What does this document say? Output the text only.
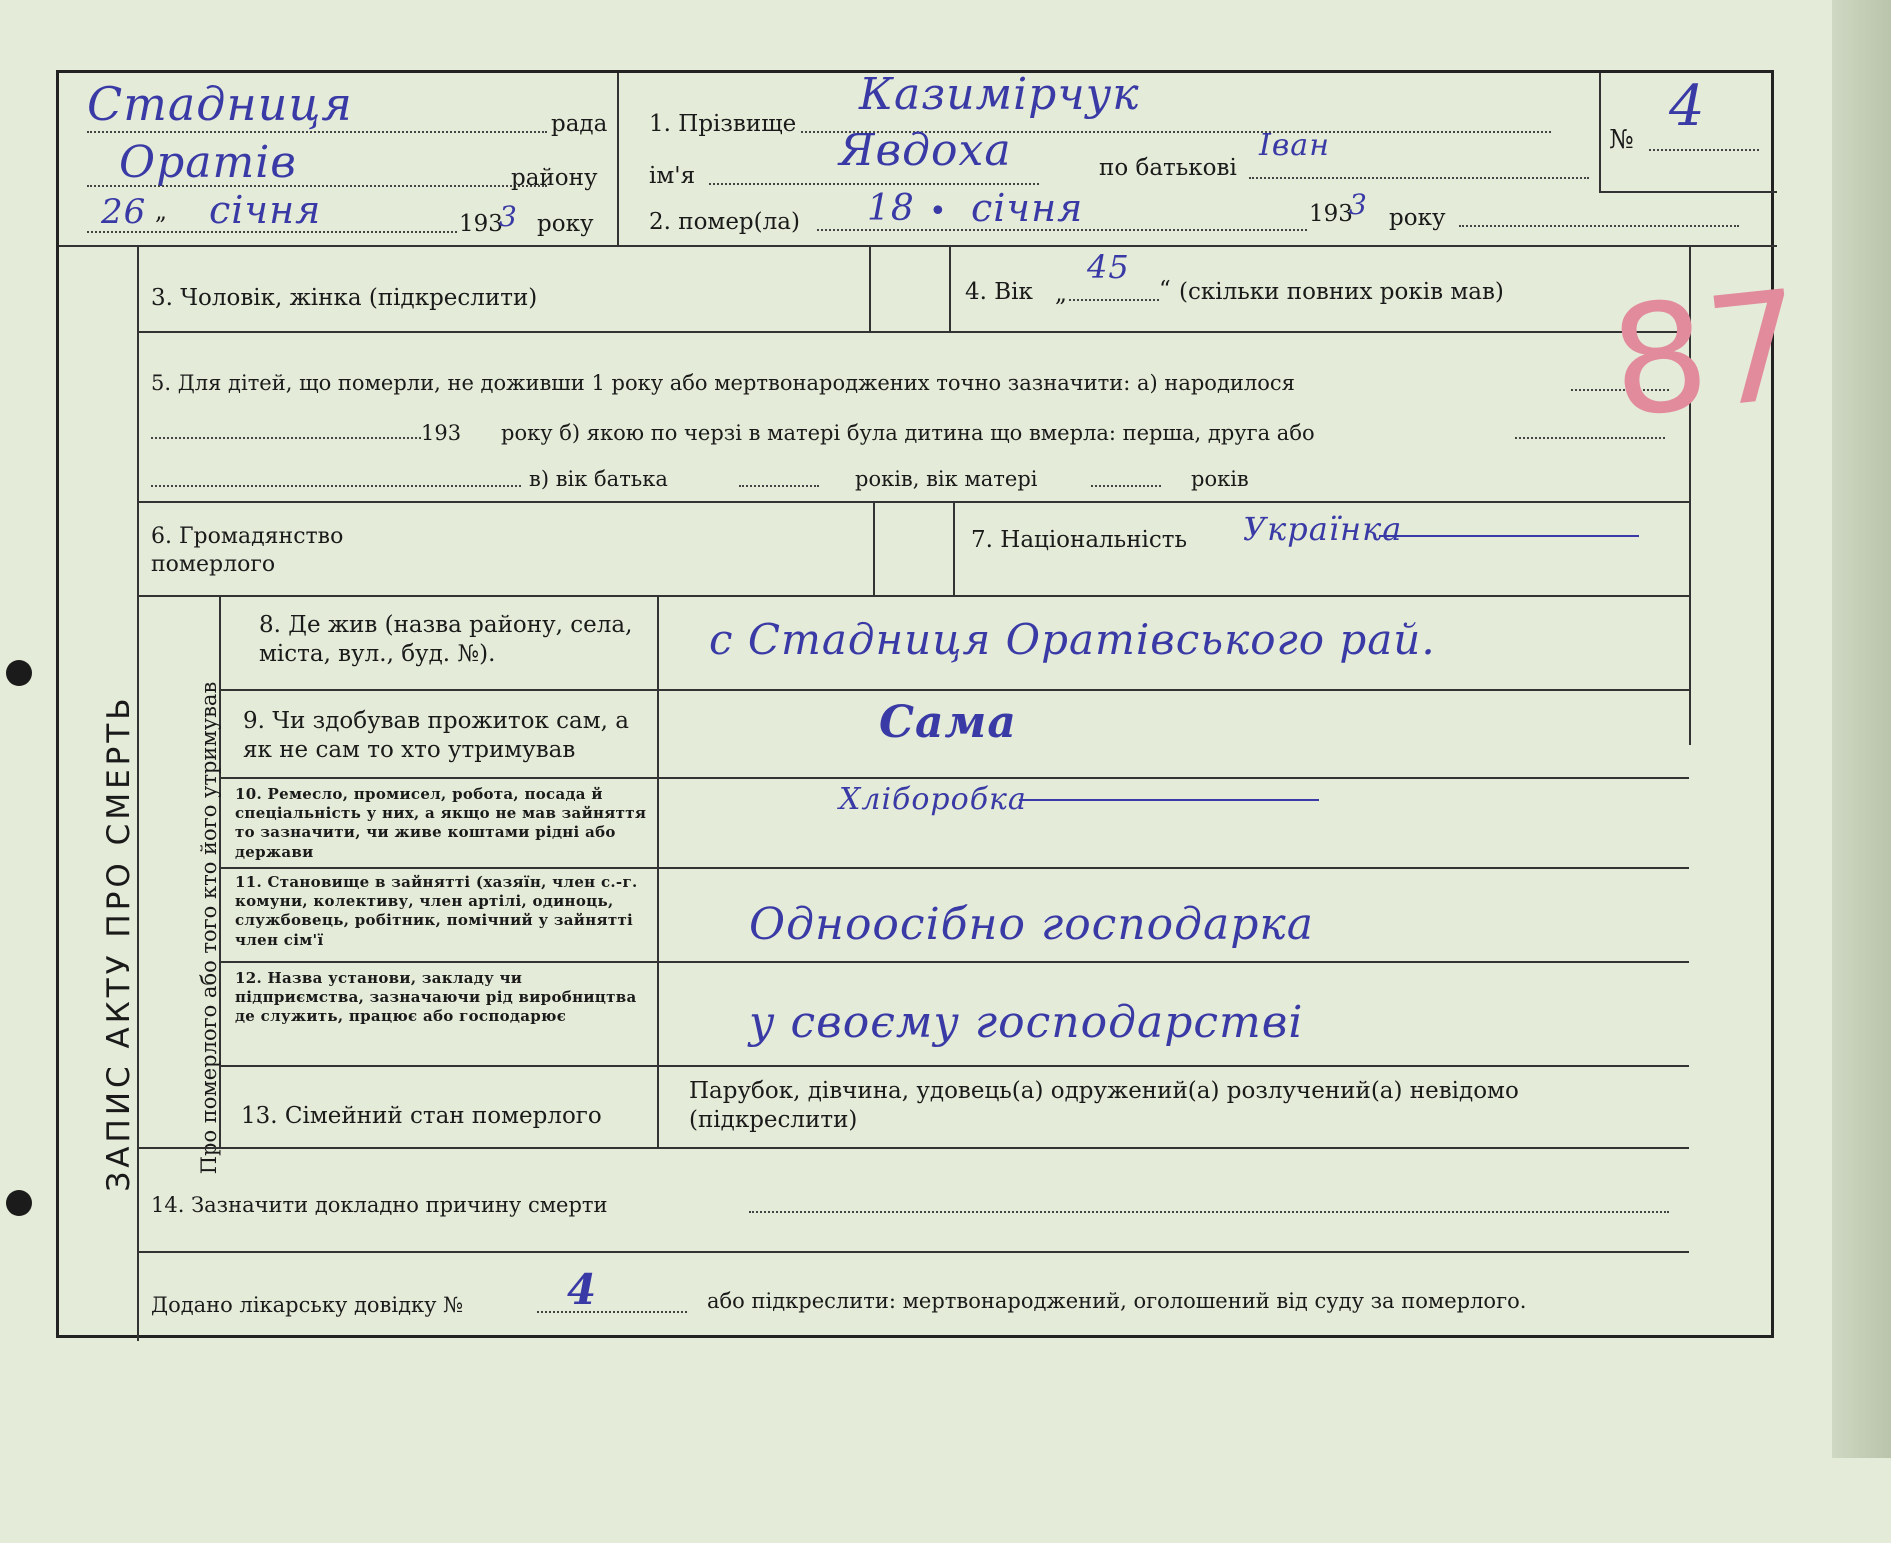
Стадниця	рада
Оратів	району
26 „ січня	193
3 року
1. Прізвище
Казимірчук
ім'я	Явдоха	по батькові
Іван
2. помер(ла) 18 • січня	193
3 року
№
4
ЗАПИС АКТУ ПРО СМЕРТЬ
3. Чоловік, жінка (підкреслити)	4. Вік „
45
“ (скільки повних років мав)
5. Для дітей, що померли, не доживши 1 року або мертвонароджених точно зазначити: а) народилося
193 року б) якою по черзі в матері була дитина що вмерла: перша, друга або
в) вік батька	років, вік матері	років
6. Громадянство померлого
7. Національність Українка
Про померлого або того кто його утримував
8. Де жив (назва району, села, міста, вул., буд. №).	с Стадниця Оратівського рай.
9. Чи здобував прожиток сам, а як не сам то хто утримував
Сама
10. Ремесло, промисел, робота, посада й спеціальність у них, а якщо не мав зайняття то зазначити, чи живе коштами рідні або держави
Хліборобка
11. Становище в зайнятті (хазяїн, член с.-г. комуни, колективу, член артілі, одиноць, службовець, робітник, помічний у зайнятті член сім'ї	Одноосібно господарка
12. Назва установи, закладу чи підприємства, зазначаючи рід виробництва де служить, працює або господарює	у своєму господарстві
13. Сімейний стан померлого
Парубок, дівчина, удовець(а) одружений(а) розлучений(а) невідомо (підкреслити)
14. Зазначити докладно причину смерти
Додано лікарську довідку № 4	або підкреслити: мертвонароджений, оголошений від суду за померлого.
87
